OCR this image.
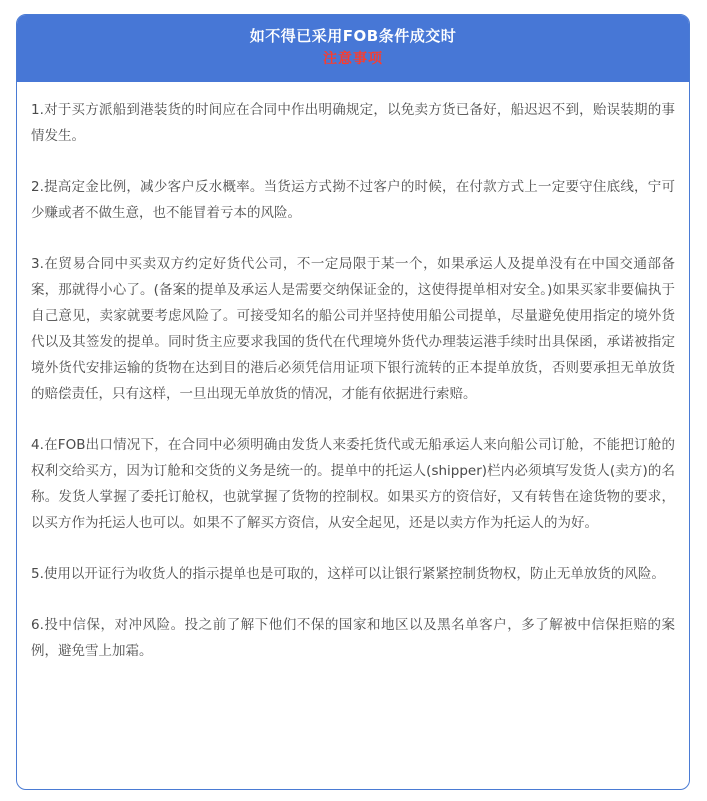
如不得已采用FOB条件成交时
注意事项

1.对于买方派船到港装货的时间应在合同中作出明确规定，以免卖方货已备好，船迟迟不到，贻误装期的事情发生。

2.提高定金比例，减少客户反水概率。当货运方式拗不过客户的时候，在付款方式上一定要守住底线，宁可少赚或者不做生意，也不能冒着亏本的风险。

3.在贸易合同中买卖双方约定好货代公司，不一定局限于某一个，如果承运人及提单没有在中国交通部备案，那就得小心了。(备案的提单及承运人是需要交纳保证金的，这使得提单相对安全。)如果买家非要偏执于自己意见，卖家就要考虑风险了。可接受知名的船公司并坚持使用船公司提单，尽量避免使用指定的境外货代以及其签发的提单。同时货主应要求我国的货代在代理境外货代办理装运港手续时出具保函，承诺被指定境外货代安排运输的货物在达到目的港后必须凭信用证项下银行流转的正本提单放货，否则要承担无单放货的赔偿责任，只有这样，一旦出现无单放货的情况，才能有依据进行索赔。

4.在FOB出口情况下，在合同中必须明确由发货人来委托货代或无船承运人来向船公司订舱，不能把订舱的权利交给买方，因为订舱和交货的义务是统一的。提单中的托运人(shipper)栏内必须填写发货人(卖方)的名称。发货人掌握了委托订舱权，也就掌握了货物的控制权。如果买方的资信好，又有转售在途货物的要求，以买方作为托运人也可以。如果不了解买方资信，从安全起见，还是以卖方作为托运人的为好。

5.使用以开证行为收货人的指示提单也是可取的，这样可以让银行紧紧控制货物权，防止无单放货的风险。

6.投中信保，对冲风险。投之前了解下他们不保的国家和地区以及黑名单客户，多了解被中信保拒赔的案例，避免雪上加霜。
